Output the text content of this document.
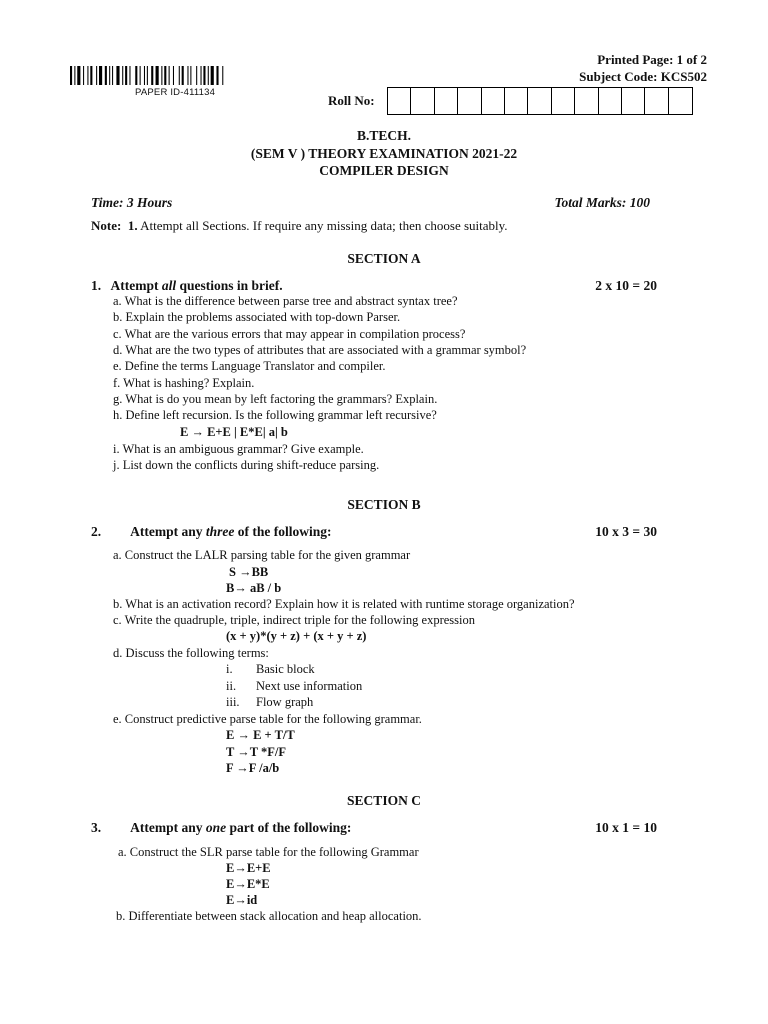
PAPER ID-411134
Printed Page: 1 of 2
Subject Code: KCS502
Roll No:
B.TECH.
(SEM V ) THEORY EXAMINATION 2021-22
COMPILER DESIGN
Time: 3 Hours	Total Marks: 100
Note: 1. Attempt all Sections. If require any missing data; then choose suitably.
SECTION A
1. Attempt all questions in brief.	2 x 10 = 20
a. What is the difference between parse tree and abstract syntax tree?
b. Explain the problems associated with top-down Parser.
c. What are the various errors that may appear in compilation process?
d. What are the two types of attributes that are associated with a grammar symbol?
e. Define the terms Language Translator and compiler.
f. What is hashing? Explain.
g. What is do you mean by left factoring the grammars? Explain.
h. Define left recursion. Is the following grammar left recursive?
E → E+E | E*E| a| b
i. What is an ambiguous grammar? Give example.
j. List down the conflicts during shift-reduce parsing.
SECTION B
2. Attempt any three of the following:	10 x 3 = 30
a. Construct the LALR parsing table for the given grammar
S →BB
B→ aB / b
b. What is an activation record? Explain how it is related with runtime storage organization?
c. Write the quadruple, triple, indirect triple for the following expression
(x + y)*(y + z) + (x + y + z)
d. Discuss the following terms:
i. Basic block
ii. Next use information
iii. Flow graph
e. Construct predictive parse table for the following grammar.
E → E + T/T
T →T *F/F
F →F /a/b
SECTION C
3. Attempt any one part of the following:	10 x 1 = 10
a. Construct the SLR parse table for the following Grammar
E→E+E
E→E*E
E→id
b. Differentiate between stack allocation and heap allocation.
